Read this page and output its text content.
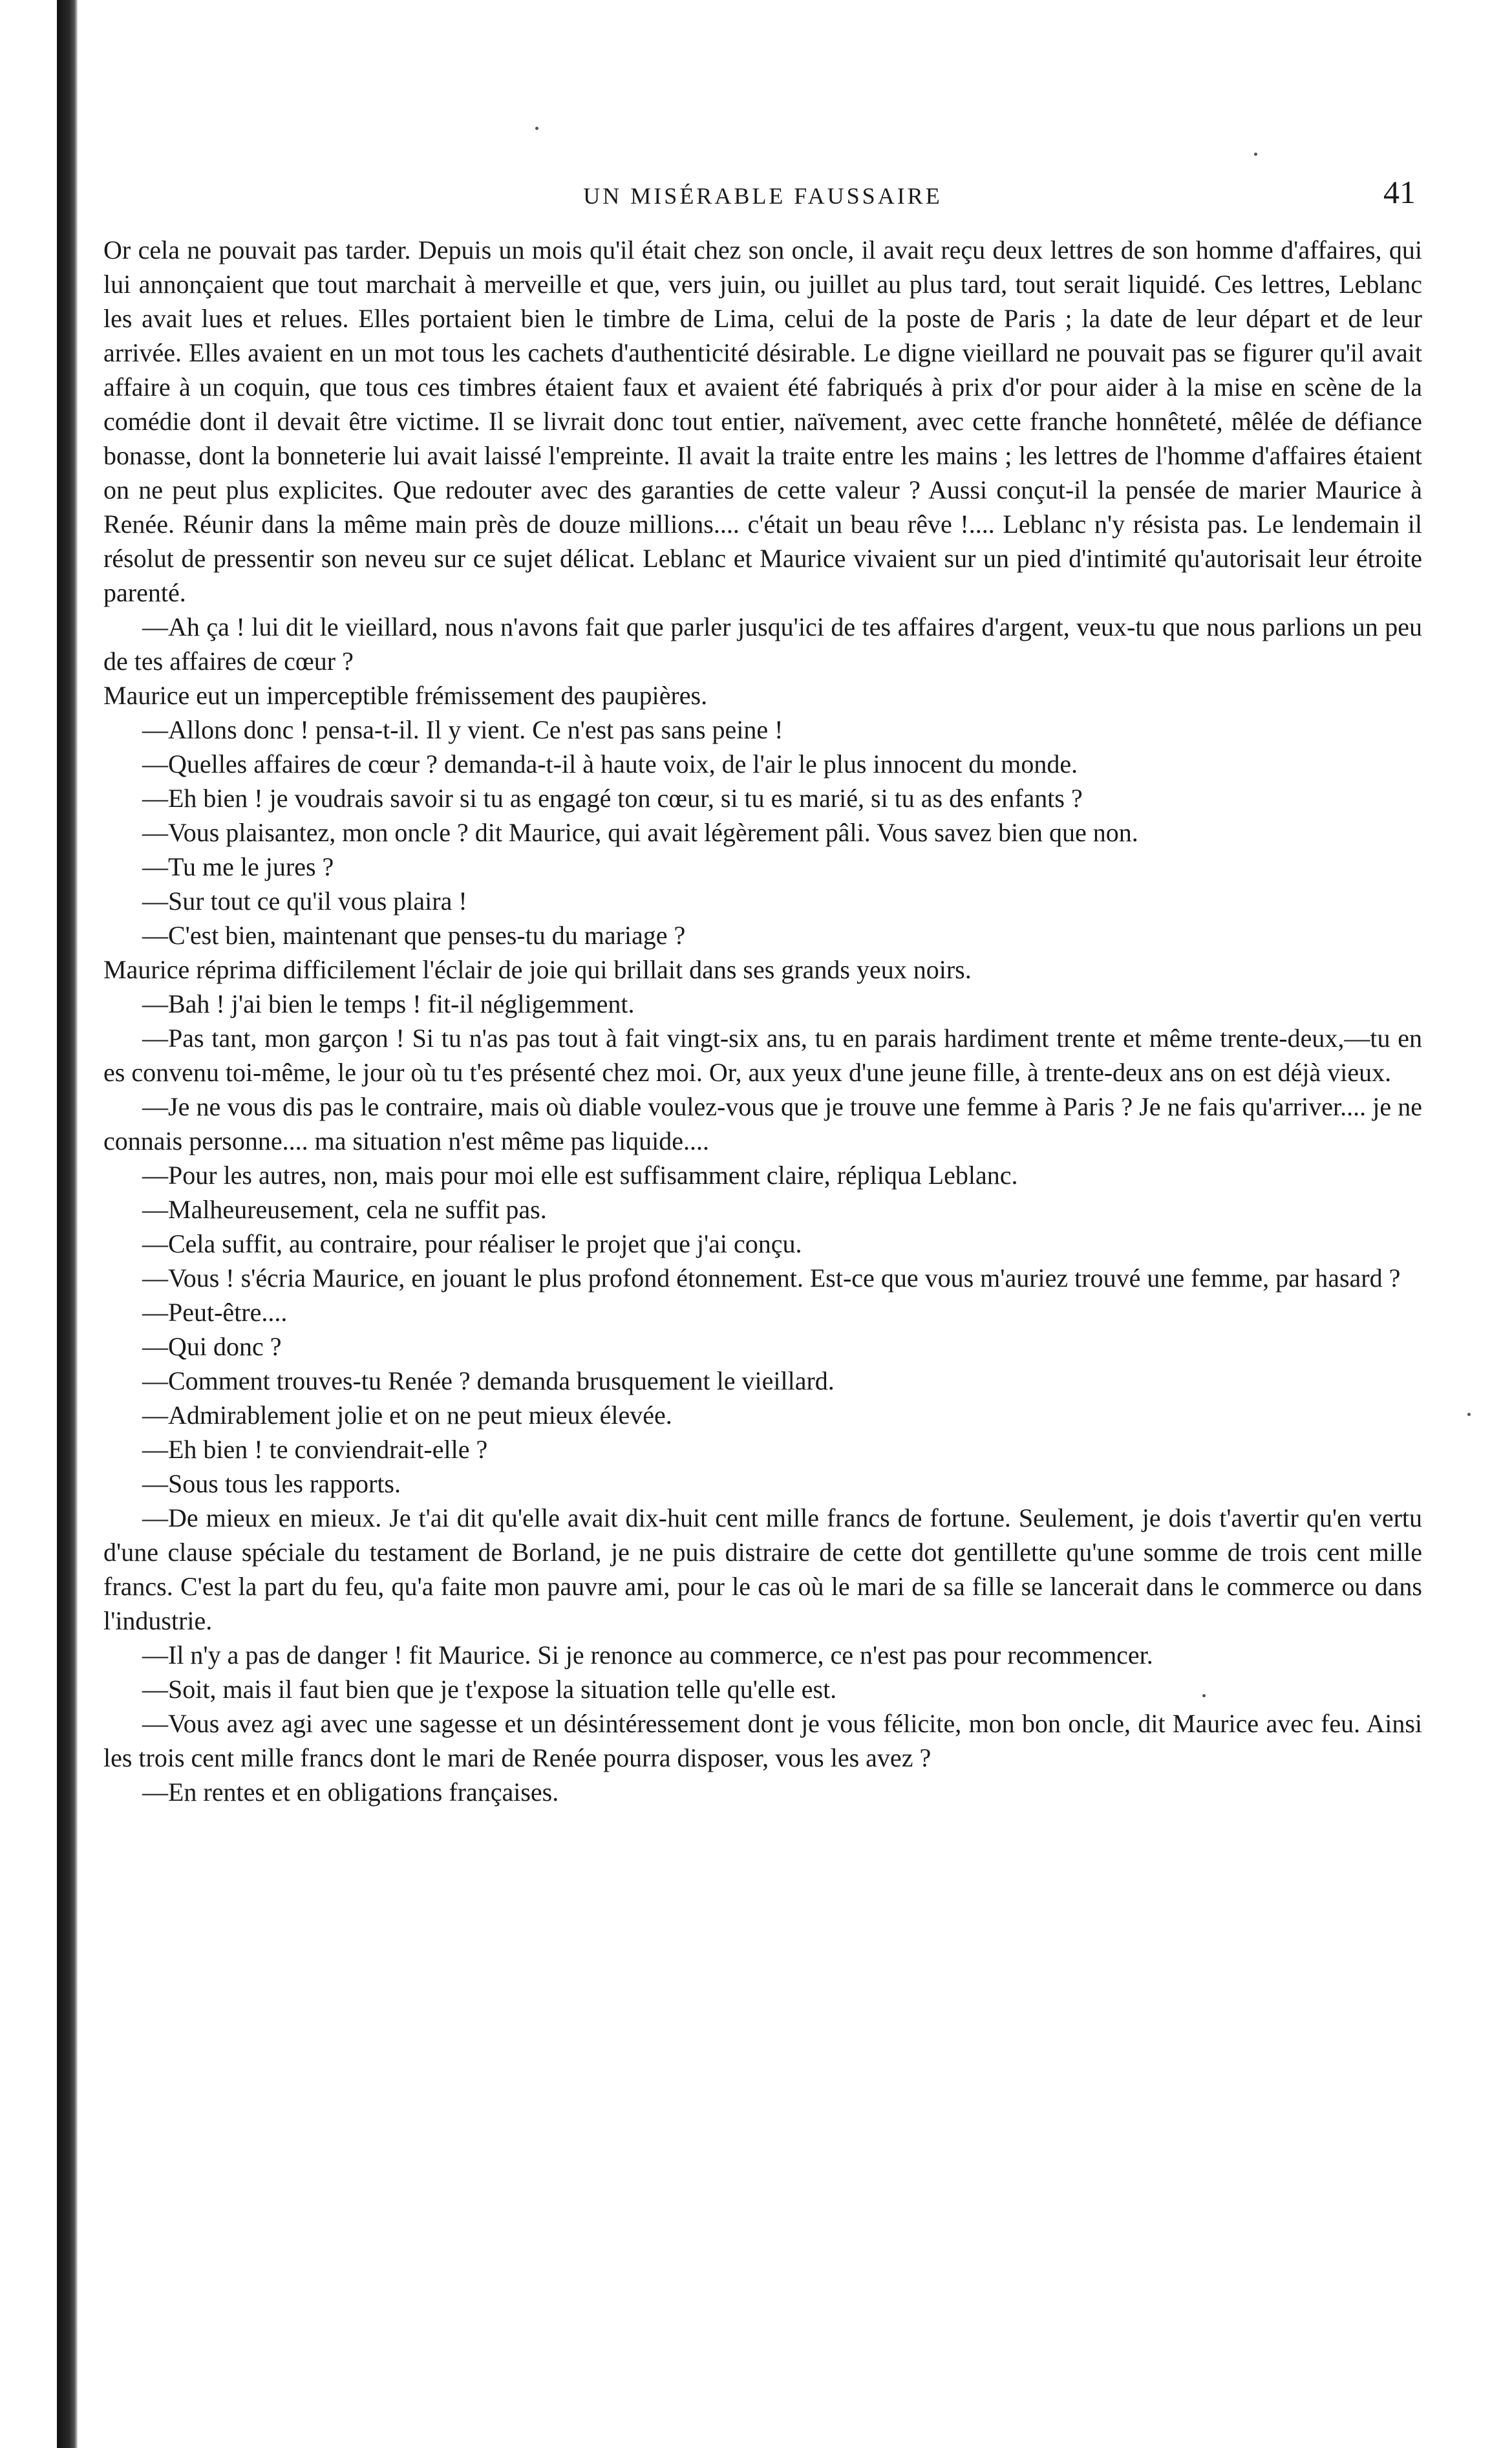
UN MISÉRABLE FAUSSAIRE	41

Or cela ne pouvait pas tarder. Depuis un mois qu'il était chez son oncle, il avait reçu deux lettres de son homme d'affaires, qui lui annonçaient que tout marchait à merveille et que, vers juin, ou juillet au plus tard, tout serait liquidé. Ces lettres, Leblanc les avait lues et relues. Elles portaient bien le timbre de Lima, celui de la poste de Paris ; la date de leur départ et de leur arrivée. Elles avaient en un mot tous les cachets d'authenticité désirable. Le digne vieillard ne pouvait pas se figurer qu'il avait affaire à un coquin, que tous ces timbres étaient faux et avaient été fabriqués à prix d'or pour aider à la mise en scène de la comédie dont il devait être victime. Il se livrait donc tout entier, naïvement, avec cette franche honnêteté, mêlée de défiance bonasse, dont la bonneterie lui avait laissé l'empreinte. Il avait la traite entre les mains ; les lettres de l'homme d'affaires étaient on ne peut plus explicites. Que redouter avec des garanties de cette valeur ? Aussi conçut-il la pensée de marier Maurice à Renée. Réunir dans la même main près de douze millions.... c'était un beau rêve !.... Leblanc n'y résista pas. Le lendemain il résolut de pressentir son neveu sur ce sujet délicat. Leblanc et Maurice vivaient sur un pied d'intimité qu'autorisait leur étroite parenté.

—Ah ça ! lui dit le vieillard, nous n'avons fait que parler jusqu'ici de tes affaires d'argent, veux-tu que nous parlions un peu de tes affaires de cœur ?

Maurice eut un imperceptible frémissement des paupières.

—Allons donc ! pensa-t-il. Il y vient. Ce n'est pas sans peine !

—Quelles affaires de cœur ? demanda-t-il à haute voix, de l'air le plus innocent du monde.

—Eh bien ! je voudrais savoir si tu as engagé ton cœur, si tu es marié, si tu as des enfants ?

—Vous plaisantez, mon oncle ? dit Maurice, qui avait légèrement pâli. Vous savez bien que non.

—Tu me le jures ?

—Sur tout ce qu'il vous plaira !

—C'est bien, maintenant que penses-tu du mariage ?

Maurice réprima difficilement l'éclair de joie qui brillait dans ses grands yeux noirs.

—Bah ! j'ai bien le temps ! fit-il négligemment.

—Pas tant, mon garçon ! Si tu n'as pas tout à fait vingt-six ans, tu en parais hardiment trente et même trente-deux,—tu en es convenu toi-même, le jour où tu t'es présenté chez moi. Or, aux yeux d'une jeune fille, à trente-deux ans on est déjà vieux.

—Je ne vous dis pas le contraire, mais où diable voulez-vous que je trouve une femme à Paris ? Je ne fais qu'arriver.... je ne connais personne.... ma situation n'est même pas liquide....

—Pour les autres, non, mais pour moi elle est suffisamment claire, répliqua Leblanc.

—Malheureusement, cela ne suffit pas.

—Cela suffit, au contraire, pour réaliser le projet que j'ai conçu.

—Vous ! s'écria Maurice, en jouant le plus profond étonnement. Est-ce que vous m'auriez trouvé une femme, par hasard ?

—Peut-être....

—Qui donc ?

—Comment trouves-tu Renée ? demanda brusquement le vieillard.

—Admirablement jolie et on ne peut mieux élevée.

—Eh bien ! te conviendrait-elle ?

—Sous tous les rapports.

—De mieux en mieux. Je t'ai dit qu'elle avait dix-huit cent mille francs de fortune. Seulement, je dois t'avertir qu'en vertu d'une clause spéciale du testament de Borland, je ne puis distraire de cette dot gentillette qu'une somme de trois cent mille francs. C'est la part du feu, qu'a faite mon pauvre ami, pour le cas où le mari de sa fille se lancerait dans le commerce ou dans l'industrie.

—Il n'y a pas de danger ! fit Maurice. Si je renonce au commerce, ce n'est pas pour recommencer.

—Soit, mais il faut bien que je t'expose la situation telle qu'elle est.

—Vous avez agi avec une sagesse et un désintéressement dont je vous félicite, mon bon oncle, dit Maurice avec feu. Ainsi les trois cent mille francs dont le mari de Renée pourra disposer, vous les avez ?

—En rentes et en obligations françaises.
